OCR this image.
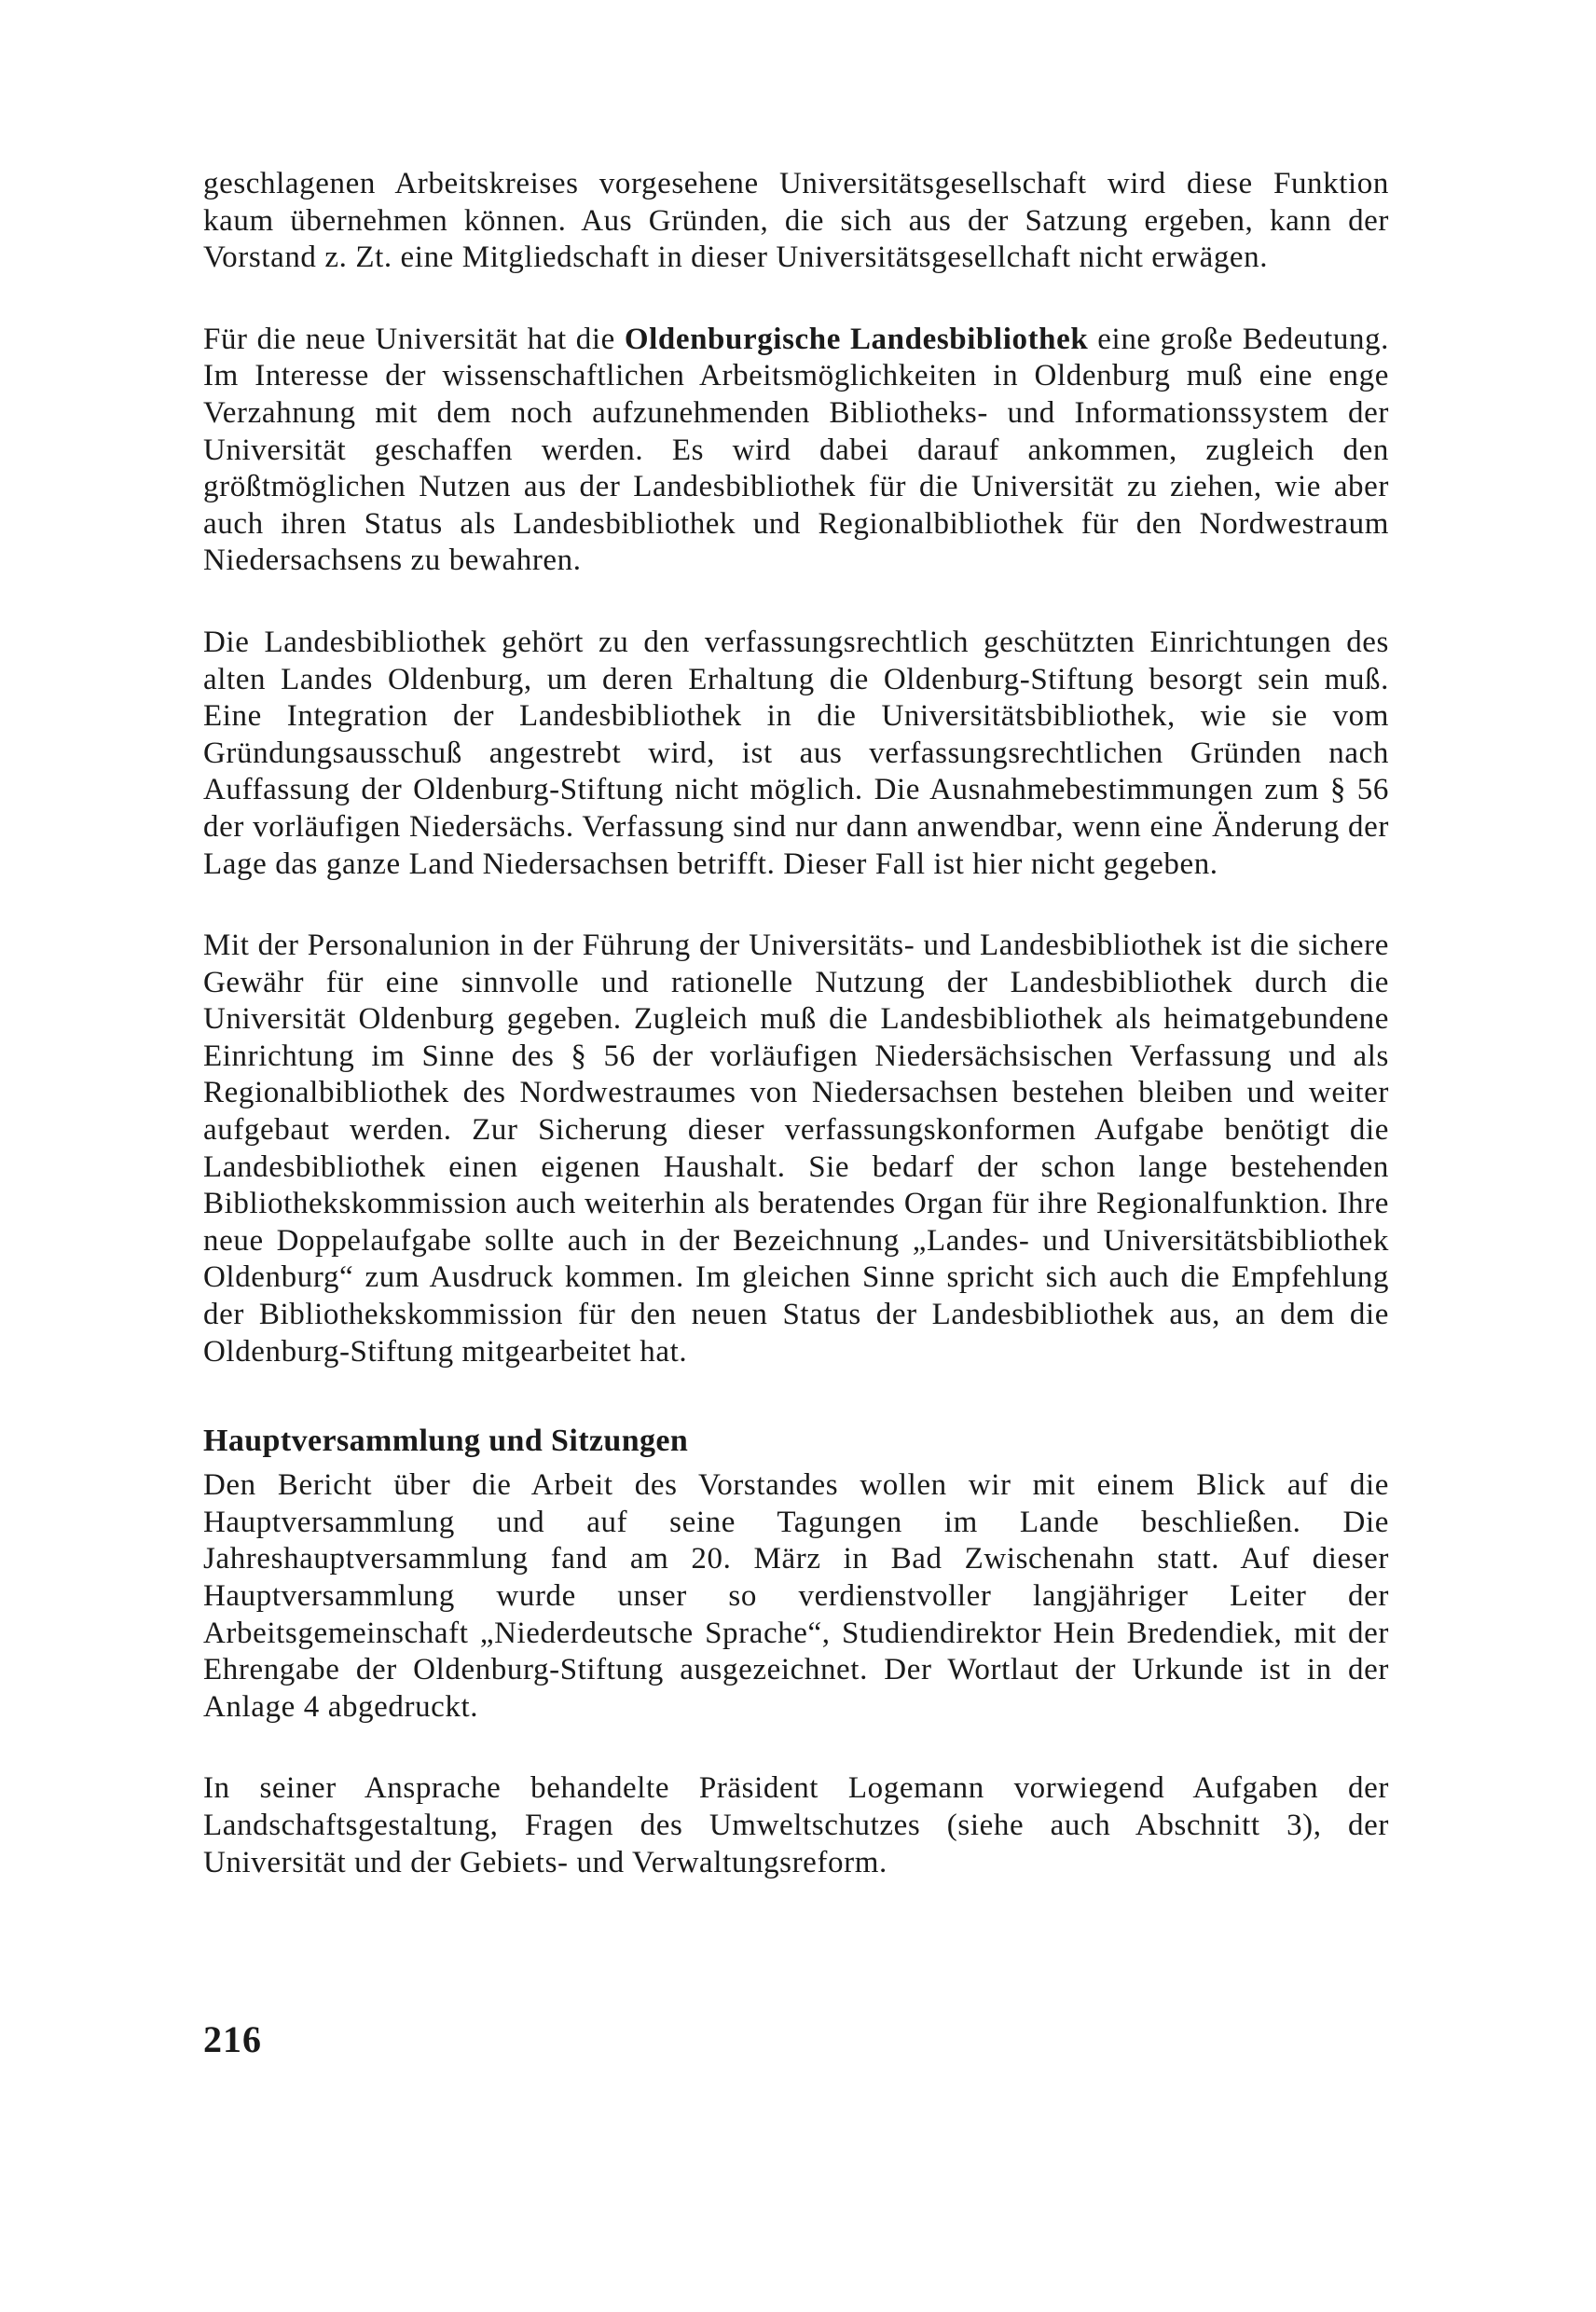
geschlagenen Arbeitskreises vorgesehene Universitätsgesellschaft wird diese Funktion kaum übernehmen können. Aus Gründen, die sich aus der Satzung ergeben, kann der Vorstand z. Zt. eine Mitgliedschaft in dieser Universitätsgesellchaft nicht erwägen.

Für die neue Universität hat die Oldenburgische Landesbibliothek eine große Bedeutung. Im Interesse der wissenschaftlichen Arbeitsmöglichkeiten in Oldenburg muß eine enge Verzahnung mit dem noch aufzunehmenden Bibliotheks- und Informationssystem der Universität geschaffen werden. Es wird dabei darauf ankommen, zugleich den größtmöglichen Nutzen aus der Landesbibliothek für die Universität zu ziehen, wie aber auch ihren Status als Landesbibliothek und Regionalbibliothek für den Nordwestraum Niedersachsens zu bewahren.

Die Landesbibliothek gehört zu den verfassungsrechtlich geschützten Einrichtungen des alten Landes Oldenburg, um deren Erhaltung die Oldenburg-Stiftung besorgt sein muß. Eine Integration der Landesbibliothek in die Universitätsbibliothek, wie sie vom Gründungsausschuß angestrebt wird, ist aus verfassungsrechtlichen Gründen nach Auffassung der Oldenburg-Stiftung nicht möglich. Die Ausnahmebestimmungen zum § 56 der vorläufigen Niedersächs. Verfassung sind nur dann anwendbar, wenn eine Änderung der Lage das ganze Land Niedersachsen betrifft. Dieser Fall ist hier nicht gegeben.

Mit der Personalunion in der Führung der Universitäts- und Landesbibliothek ist die sichere Gewähr für eine sinnvolle und rationelle Nutzung der Landesbibliothek durch die Universität Oldenburg gegeben. Zugleich muß die Landesbibliothek als heimatgebundene Einrichtung im Sinne des § 56 der vorläufigen Niedersächsischen Verfassung und als Regionalbibliothek des Nordwestraumes von Niedersachsen bestehen bleiben und weiter aufgebaut werden. Zur Sicherung dieser verfassungskonformen Aufgabe benötigt die Landesbibliothek einen eigenen Haushalt. Sie bedarf der schon lange bestehenden Bibliothekskommission auch weiterhin als beratendes Organ für ihre Regionalfunktion. Ihre neue Doppelaufgabe sollte auch in der Bezeichnung „Landes- und Universitätsbibliothek Oldenburg“ zum Ausdruck kommen. Im gleichen Sinne spricht sich auch die Empfehlung der Bibliothekskommission für den neuen Status der Landesbibliothek aus, an dem die Oldenburg-Stiftung mitgearbeitet hat.

Hauptversammlung und Sitzungen

Den Bericht über die Arbeit des Vorstandes wollen wir mit einem Blick auf die Hauptversammlung und auf seine Tagungen im Lande beschließen. Die Jahreshauptversammlung fand am 20. März in Bad Zwischenahn statt. Auf dieser Hauptversammlung wurde unser so verdienstvoller langjähriger Leiter der Arbeitsgemeinschaft „Niederdeutsche Sprache“, Studiendirektor Hein Bredendiek, mit der Ehrengabe der Oldenburg-Stiftung ausgezeichnet. Der Wortlaut der Urkunde ist in der Anlage 4 abgedruckt.

In seiner Ansprache behandelte Präsident Logemann vorwiegend Aufgaben der Landschaftsgestaltung, Fragen des Umweltschutzes (siehe auch Abschnitt 3), der Universität und der Gebiets- und Verwaltungsreform.

216
